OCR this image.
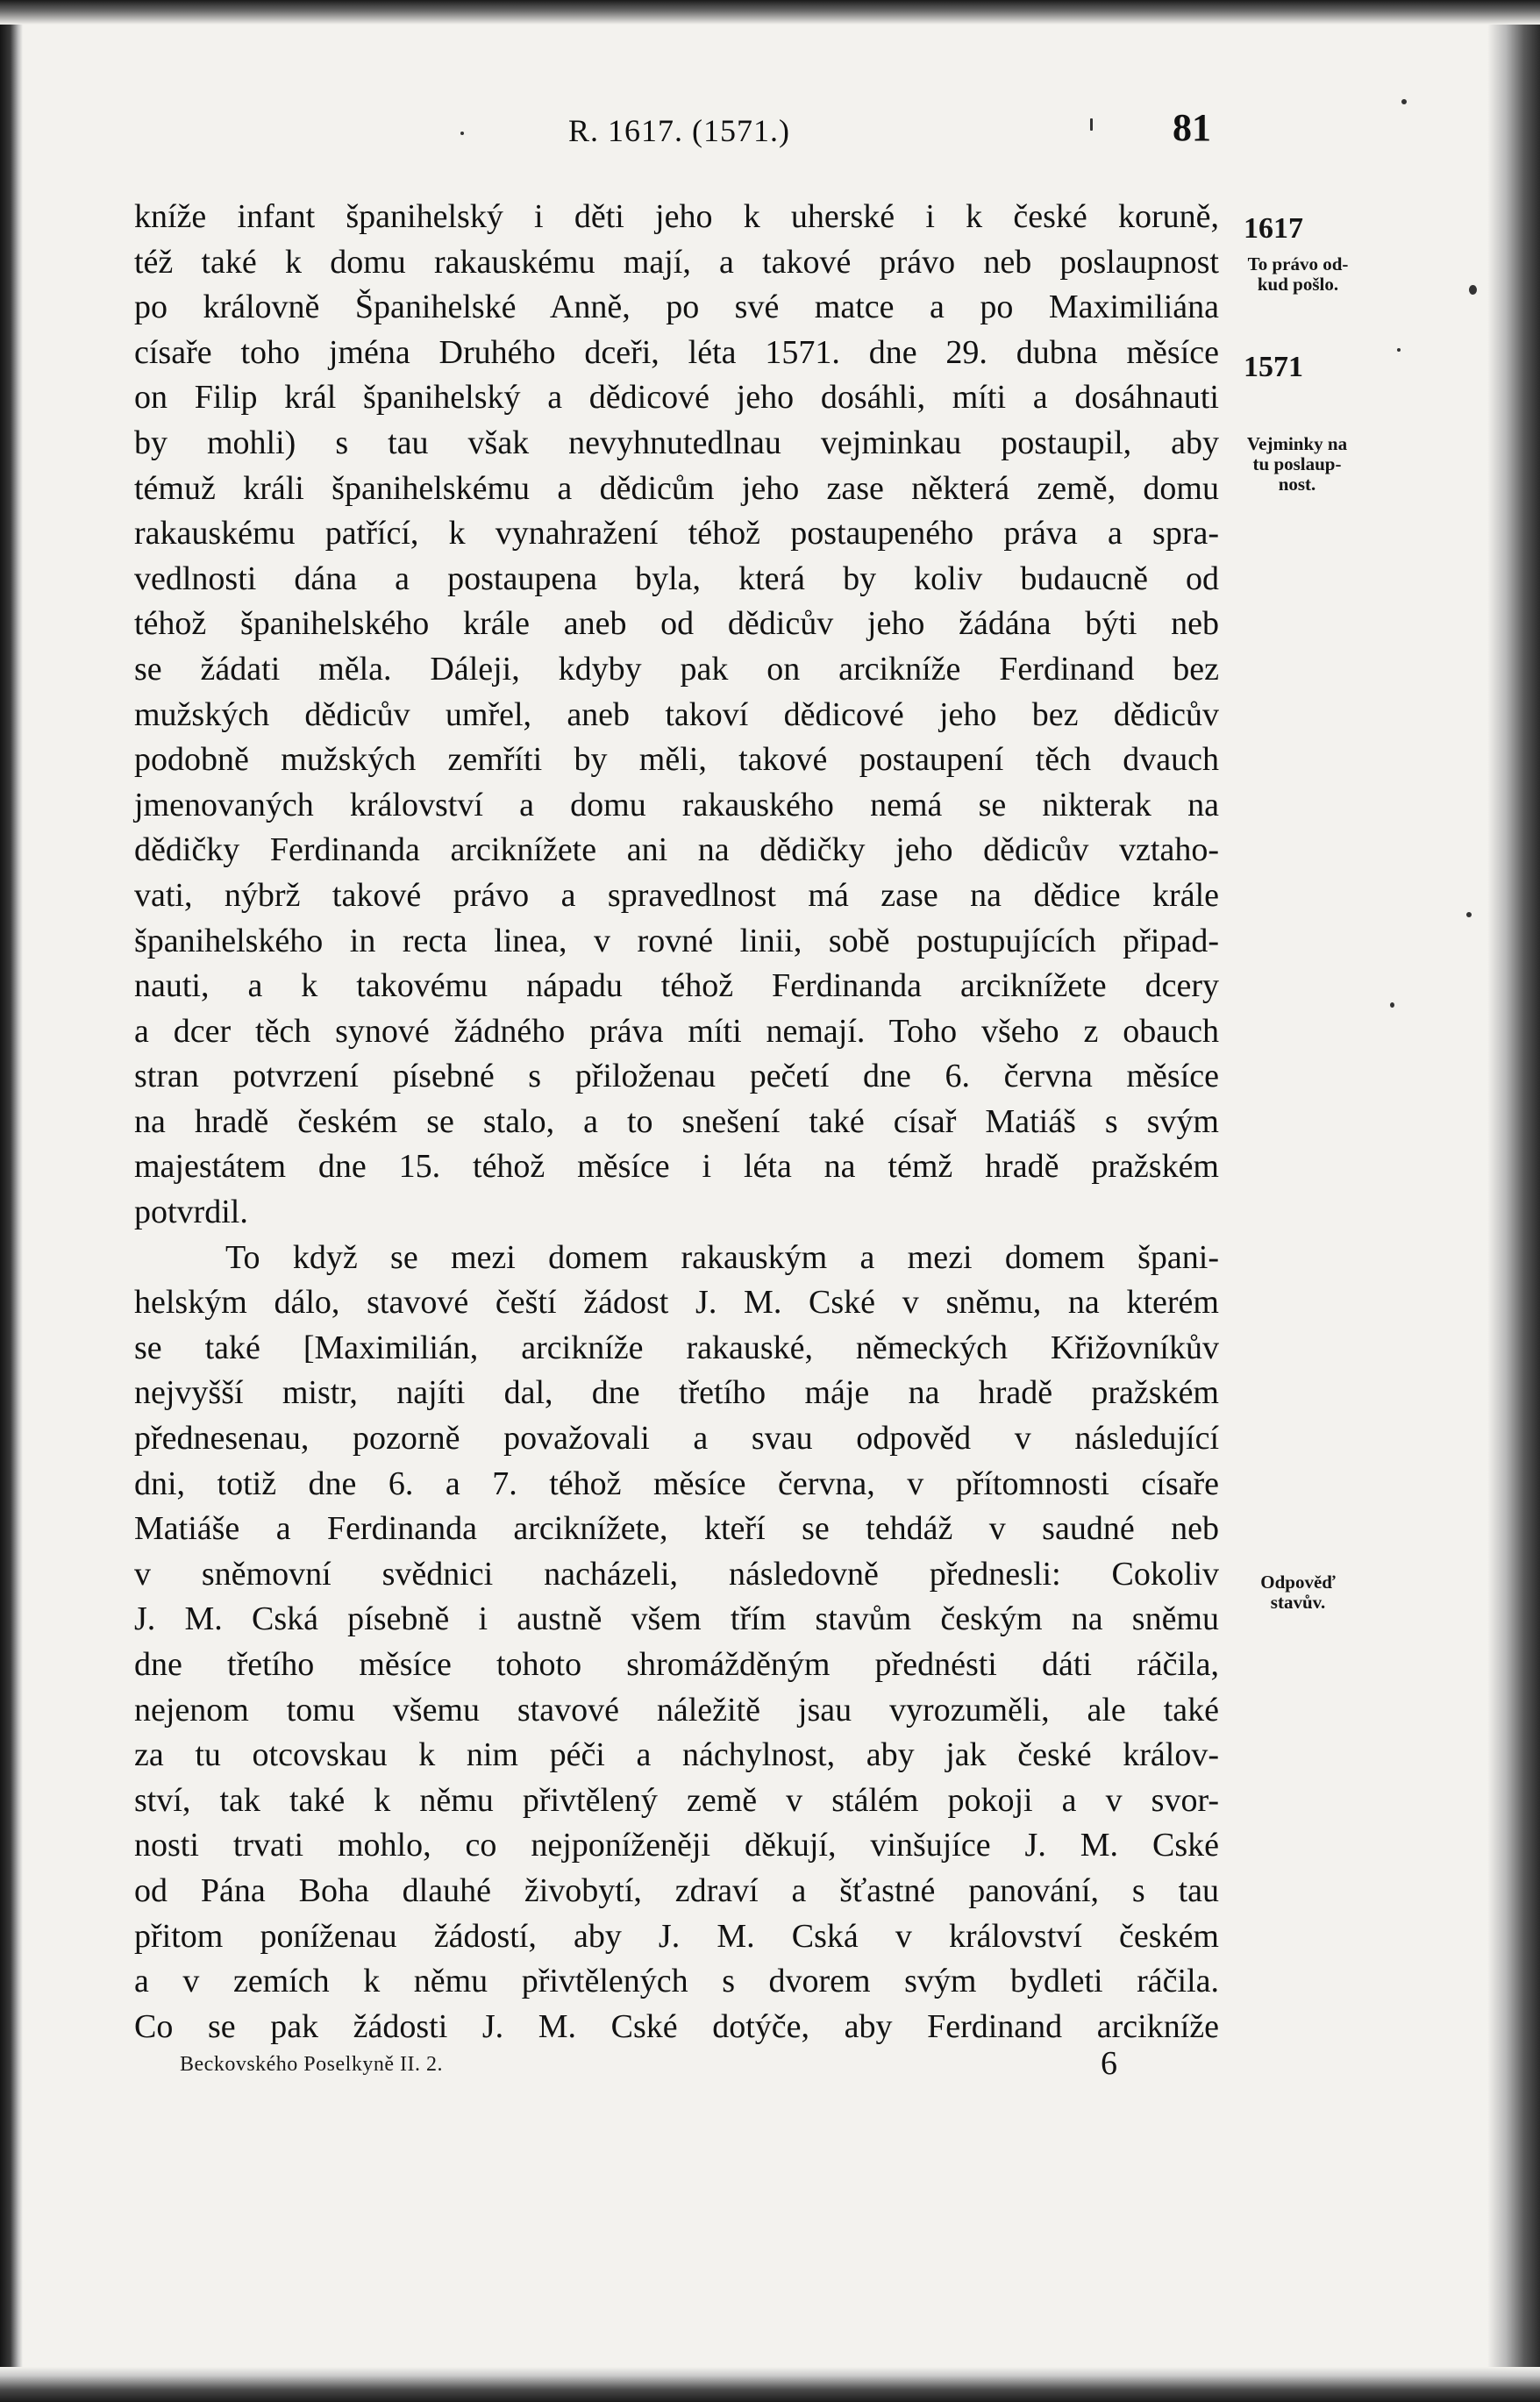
R. 1617. (1571.)	81
kníže infant španihelský i děti jeho k uherské i k české koruně,
též také k domu rakauskému mají, a takové právo neb poslaupnost
po královně Španihelské Anně, po své matce a po Maximiliána
císaře toho jména Druhého dceři, léta 1571. dne 29. dubna měsíce
on Filip král španihelský a dědicové jeho dosáhli, míti a dosáhnauti
by mohli) s tau však nevyhnutedlnau vejminkau postaupil, aby
témuž králi španihelskému a dědicům jeho zase některá země, domu
rakauskému patřící, k vynahražení téhož postaupeného práva a spra-
vedlnosti dána a postaupena byla, která by koliv budaucně od
téhož španihelského krále aneb od dědicův jeho žádána býti neb
se žádati měla. Dáleji, kdyby pak on arcikníže Ferdinand bez
mužských dědicův umřel, aneb takoví dědicové jeho bez dědicův
podobně mužských zemříti by měli, takové postaupení těch dvauch
jmenovaných království a domu rakauského nemá se nikterak na
dědičky Ferdinanda arciknížete ani na dědičky jeho dědicův vztaho-
vati, nýbrž takové právo a spravedlnost má zase na dědice krále
španihelského in recta linea, v rovné linii, sobě postupujících připad-
nauti, a k takovému nápadu téhož Ferdinanda arciknížete dcery
a dcer těch synové žádného práva míti nemají. Toho všeho z obauch
stran potvrzení písebné s přiloženau pečetí dne 6. června měsíce
na hradě českém se stalo, a to snešení také císař Matiáš s svým
majestátem dne 15. téhož měsíce i léta na témž hradě pražském
potvrdil.
To když se mezi domem rakauským a mezi domem špani-
helským dálo, stavové čeští žádost J. M. Cské v sněmu, na kterém
se také [Maximilián, arcikníže rakauské, německých Křižovníkův
nejvyšší mistr, najíti dal, dne třetího máje na hradě pražském
přednesenau, pozorně považovali a svau odpověd v následující
dni, totiž dne 6. a 7. téhož měsíce června, v přítomnosti císaře
Matiáše a Ferdinanda arciknížete, kteří se tehdáž v saudné neb
v sněmovní svědnici nacházeli, následovně přednesli: Cokoliv
J. M. Cská písebně i austně všem třím stavům českým na sněmu
dne třetího měsíce tohoto shromážděným přednésti dáti ráčila,
nejenom tomu všemu stavové náležitě jsau vyrozuměli, ale také
za tu otcovskau k nim péči a náchylnost, aby jak české králov-
ství, tak také k němu přivtělený země v stálém pokoji a v svor-
nosti trvati mohlo, co nejponíženěji děkují, vinšujíce J. M. Cské
od Pána Boha dlauhé živobytí, zdraví a šťastné panování, s tau
přitom poníženau žádostí, aby J. M. Cská v království českém
a v zemích k němu přivtělených s dvorem svým bydleti ráčila.
Co se pak žádosti J. M. Cské dotýče, aby Ferdinand arcikníže
1617
To právo od-
kud pošlo.
1571
Vejminky na
tu poslaup-
nost.
Odpověď
stavův.
Beckovského Poselkyně II. 2.	6
